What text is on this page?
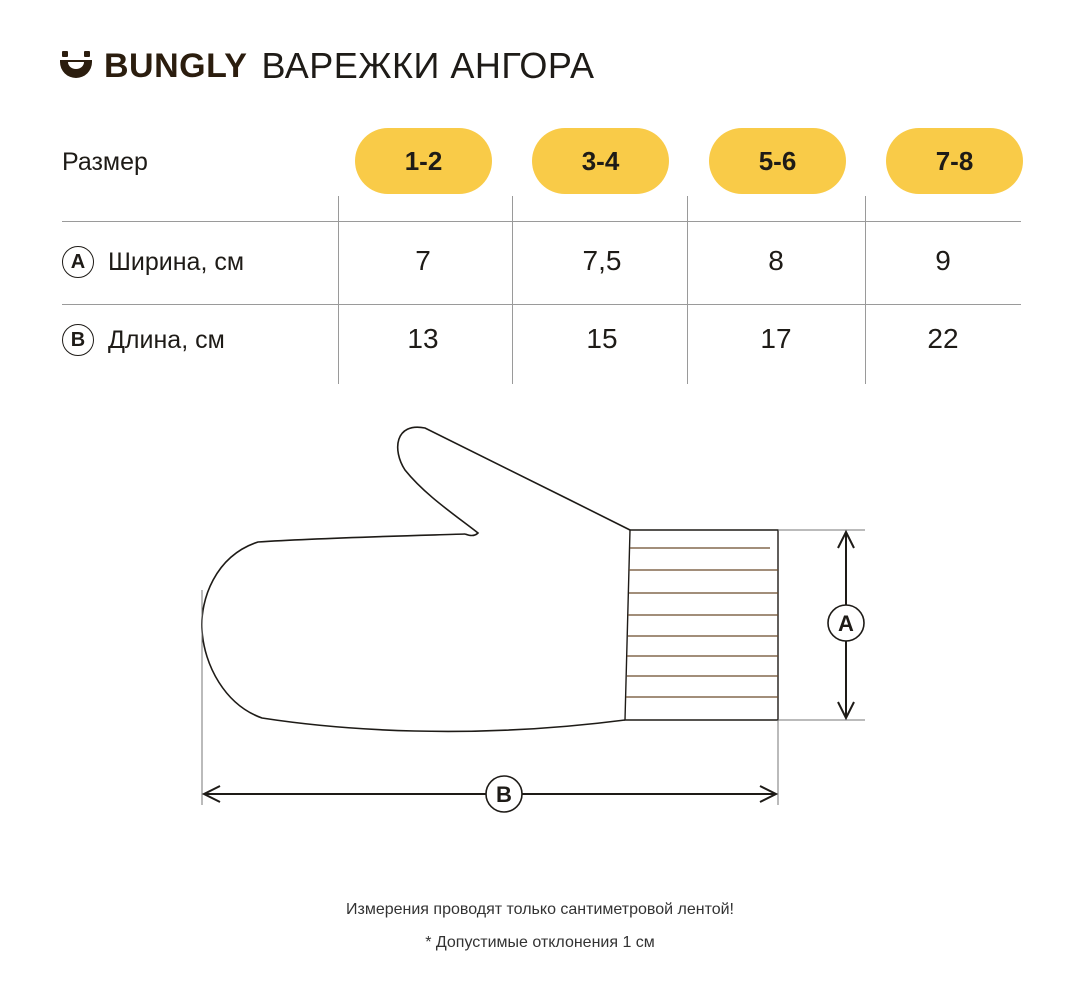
BUNGLY ВАРЕЖКИ АНГОРА
Размер	1-2	3-4	5-6	7-8
A Ширина, см	7	7,5	8	9
B Длина, см	13	15	17	22
A
B
Измерения проводят только сантиметровой лентой!
* Допустимые отклонения 1 см
